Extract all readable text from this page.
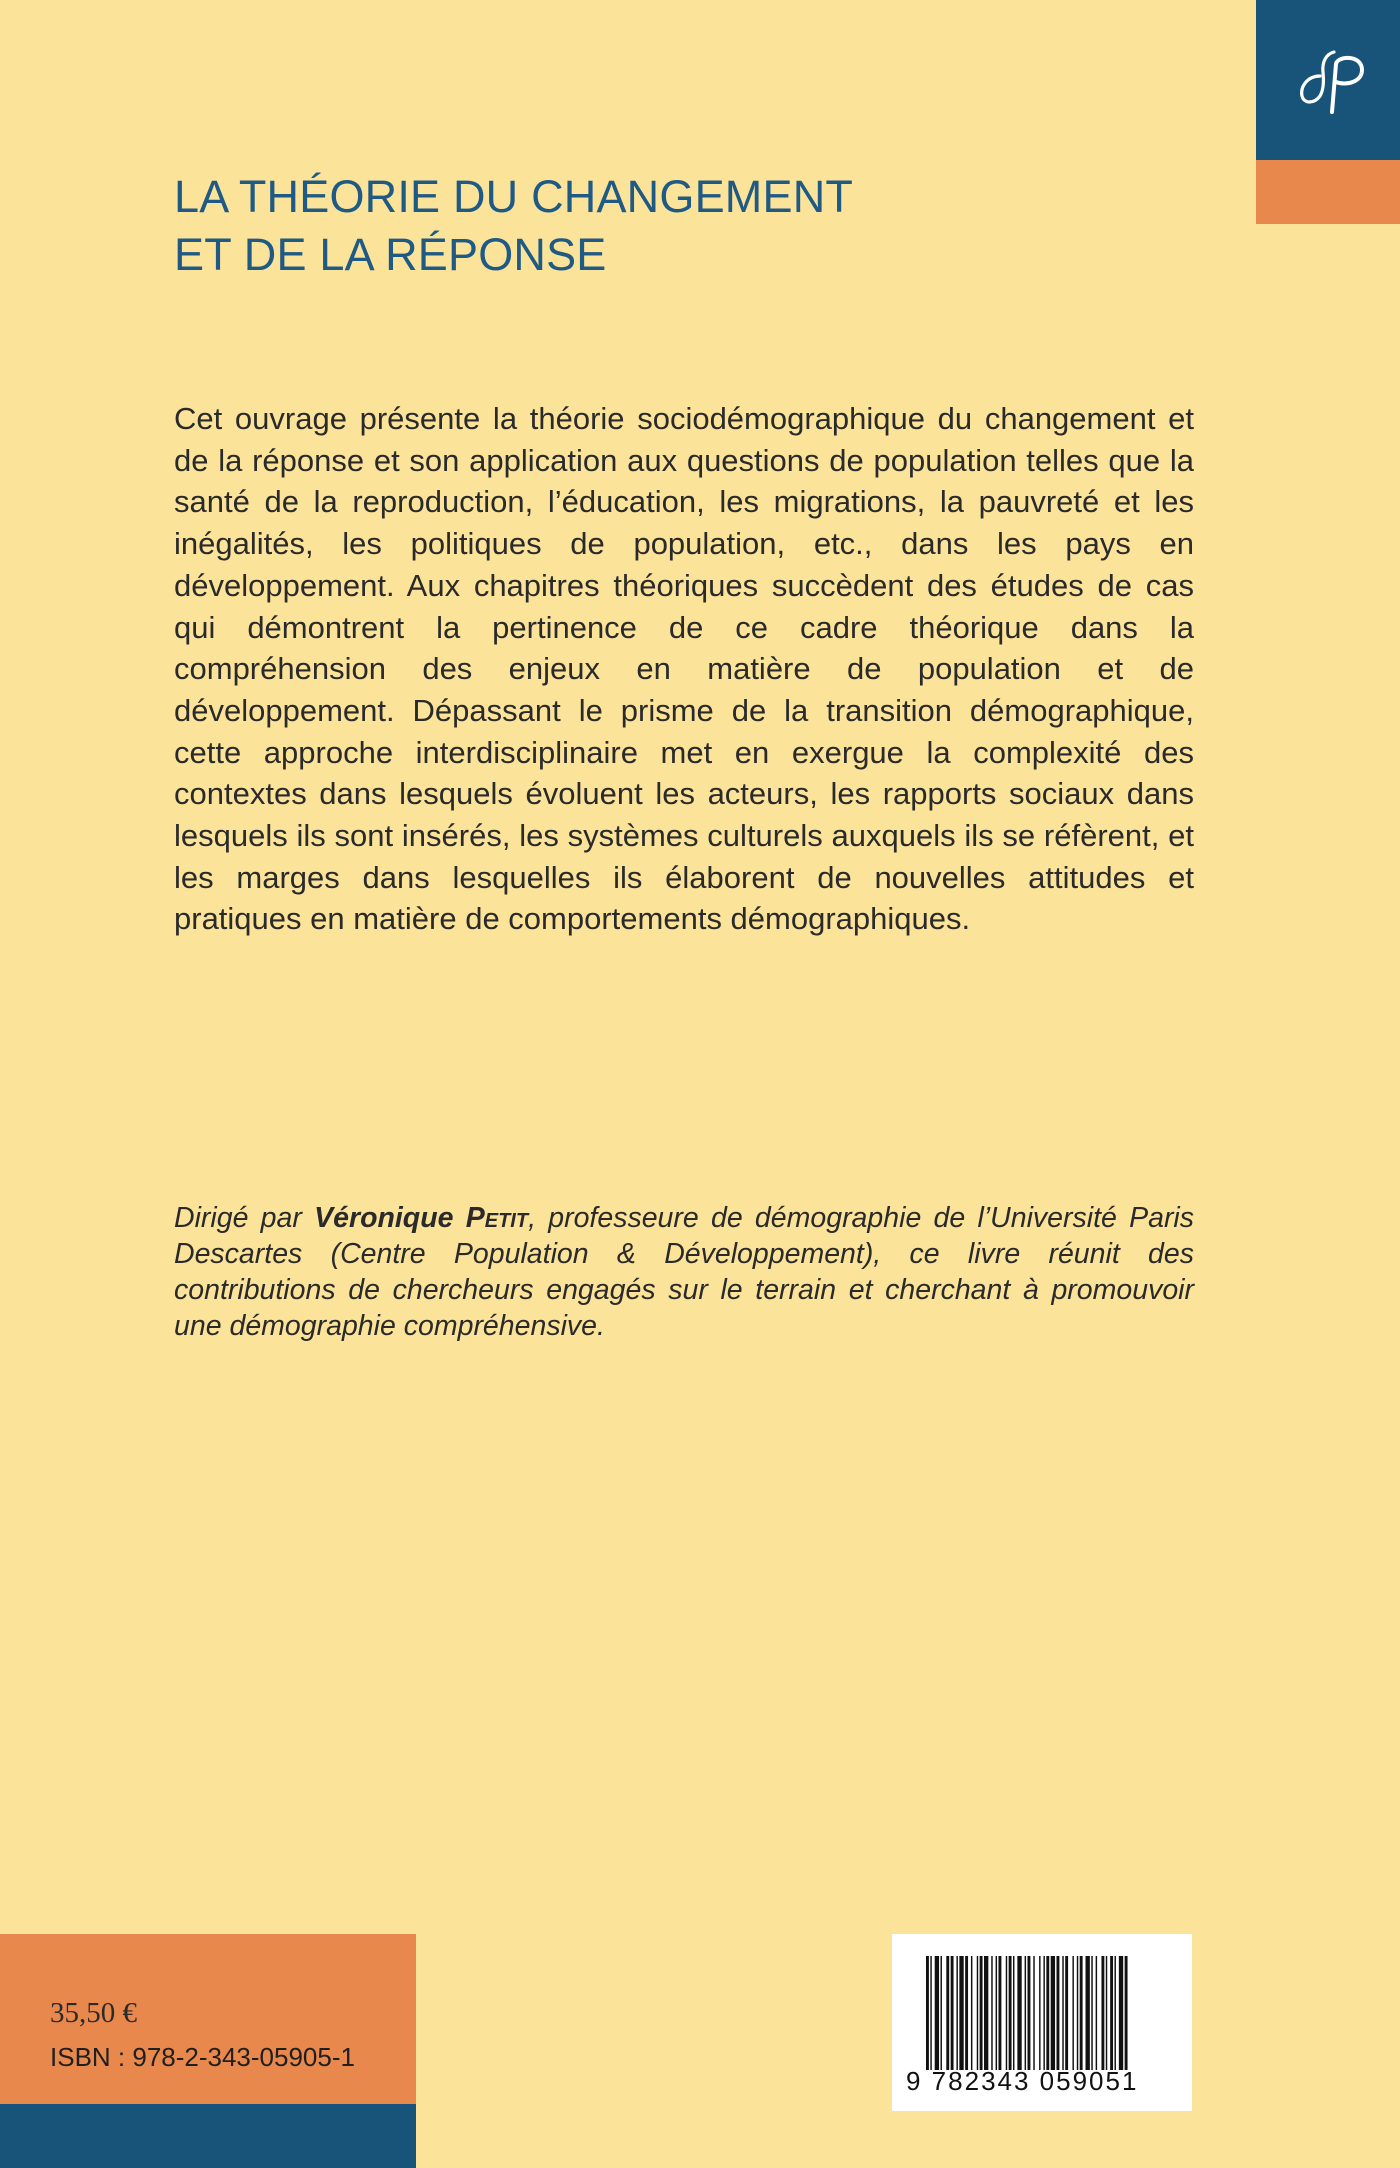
LA THÉORIE DU CHANGEMENT
ET DE LA RÉPONSE

Cet ouvrage présente la théorie sociodémographique du changement et de la réponse et son application aux questions de population telles que la santé de la reproduction, l’éducation, les migrations, la pauvreté et les inégalités, les politiques de population, etc., dans les pays en développement. Aux chapitres théoriques succèdent des études de cas qui démontrent la pertinence de ce cadre théorique dans la compréhension des enjeux en matière de population et de développement. Dépassant le prisme de la transition démographique, cette approche interdisciplinaire met en exergue la complexité des contextes dans lesquels évoluent les acteurs, les rapports sociaux dans lesquels ils sont insérés, les systèmes culturels auxquels ils se réfèrent, et les marges dans lesquelles ils élaborent de nouvelles attitudes et pratiques en matière de comportements démographiques.

Dirigé par Véronique Petit, professeure de démographie de l’Université Paris Descartes (Centre Population & Développement), ce livre réunit des contributions de chercheurs engagés sur le terrain et cherchant à promouvoir une démographie compréhensive.

35,50 €
ISBN : 978-2-343-05905-1
9 782343 059051
